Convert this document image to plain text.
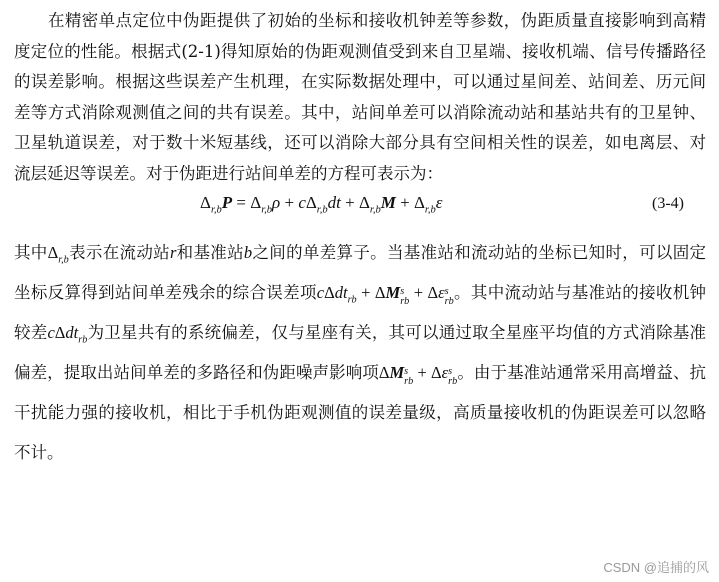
在精密单点定位中伪距提供了初始的坐标和接收机钟差等参数，伪距质量直接影响到高精度定位的性能。根据式(2-1)得知原始的伪距观测值受到来自卫星端、接收机端、信号传播路径的误差影响。根据这些误差产生机理，在实际数据处理中，可以通过星间差、站间差、历元间差等方式消除观测值之间的共有误差。其中，站间单差可以消除流动站和基站共有的卫星钟、卫星轨道误差，对于数十米短基线，还可以消除大部分具有空间相关性的误差，如电离层、对流层延迟等误差。对于伪距进行站间单差的方程可表示为：

$\Delta_{r,b}P = \Delta_{r,b}\rho + c\Delta_{r,b}dt + \Delta_{r,b}M + \Delta_{r,b}\varepsilon$	(3-4)

其中$\Delta_{r,b}$表示在流动站r和基准站b之间的单差算子。当基准站和流动站的坐标已知时，可以固定坐标反算得到站间单差残余的综合误差项cΔdt$_{rb}$ + ΔM s
rb + Δε s
rb 。其中流动站与基准站的接收机钟较差cΔdt$_{rb}$为卫星共有的系统偏差，仅与星座有关，其可以通过取全星座平均值的方式消除基准偏差，提取出站间单差的多路径和伪距噪声影响项ΔM s
rb + Δε s
rb 。由于基准站通常采用高增益、抗干扰能力强的接收机，相比于手机伪距观测值的误差量级，高质量接收机的伪距误差可以忽略不计。

CSDN @追捕的风
